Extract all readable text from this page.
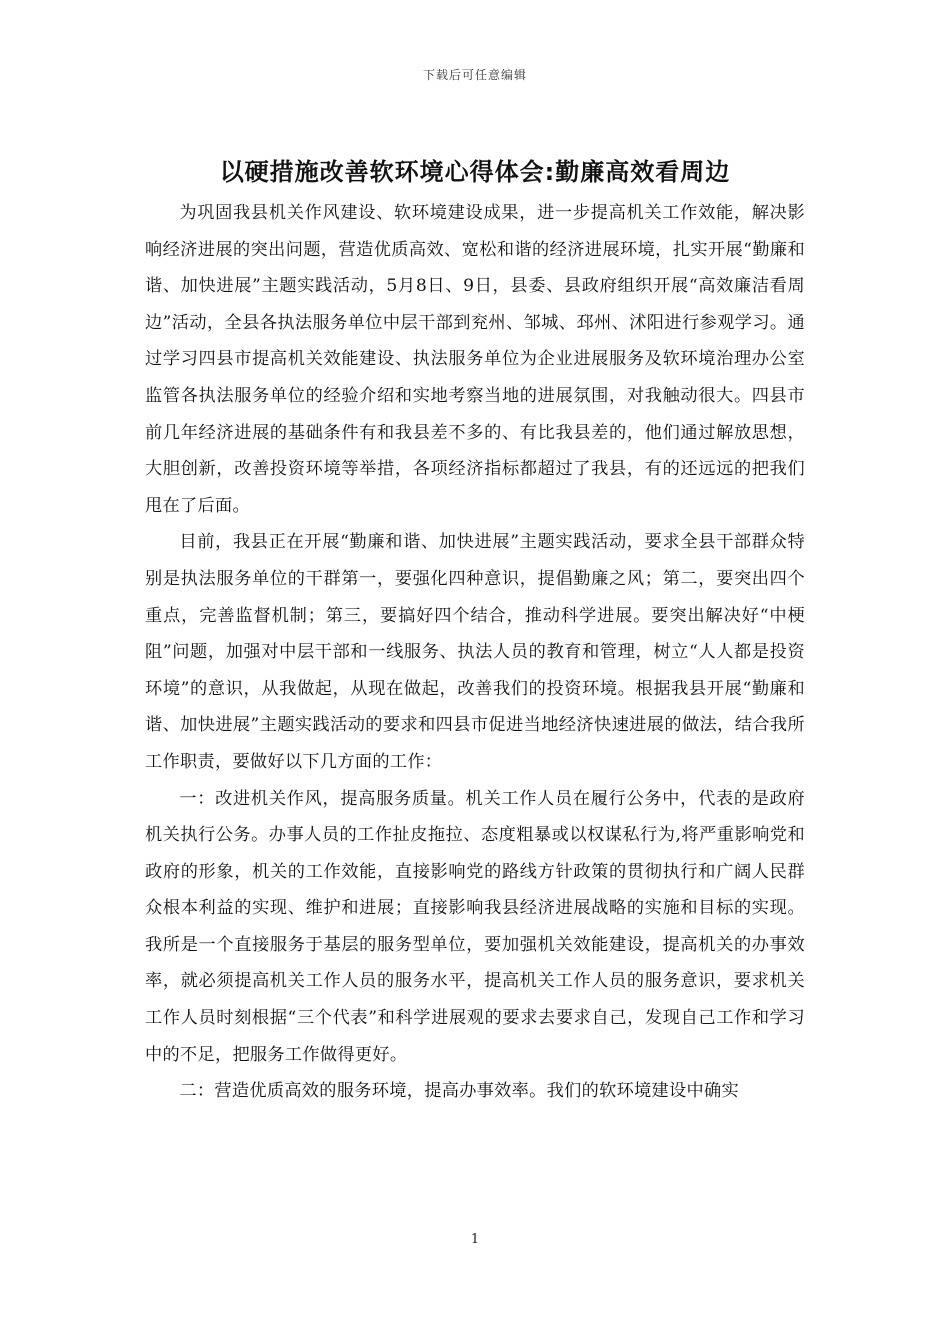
下载后可任意编辑
以硬措施改善软环境心得体会:勤廉高效看周边

为巩固我县机关作风建设、软环境建设成果，进一步提高机关工作效能，解决影响经济进展的突出问题，营造优质高效、宽松和谐的经济进展环境，扎实开展“勤廉和谐、加快进展”主题实践活动，5月8日、9日，县委、县政府组织开展“高效廉洁看周边”活动，全县各执法服务单位中层干部到兖州、邹城、邳州、沭阳进行参观学习。通过学习四县市提高机关效能建设、执法服务单位为企业进展服务及软环境治理办公室监管各执法服务单位的经验介绍和实地考察当地的进展氛围，对我触动很大。四县市前几年经济进展的基础条件有和我县差不多的、有比我县差的，他们通过解放思想，大胆创新，改善投资环境等举措，各项经济指标都超过了我县，有的还远远的把我们甩在了后面。

目前，我县正在开展“勤廉和谐、加快进展”主题实践活动，要求全县干部群众特别是执法服务单位的干群第一，要强化四种意识，提倡勤廉之风；第二，要突出四个重点，完善监督机制；第三，要搞好四个结合，推动科学进展。要突出解决好“中梗阻”问题，加强对中层干部和一线服务、执法人员的教育和管理，树立“人人都是投资环境”的意识，从我做起，从现在做起，改善我们的投资环境。根据我县开展“勤廉和谐、加快进展”主题实践活动的要求和四县市促进当地经济快速进展的做法，结合我所工作职责，要做好以下几方面的工作：

一：改进机关作风，提高服务质量。机关工作人员在履行公务中，代表的是政府机关执行公务。办事人员的工作扯皮拖拉、态度粗暴或以权谋私行为,将严重影响党和政府的形象，机关的工作效能，直接影响党的路线方针政策的贯彻执行和广阔人民群众根本利益的实现、维护和进展；直接影响我县经济进展战略的实施和目标的实现。我所是一个直接服务于基层的服务型单位，要加强机关效能建设，提高机关的办事效率，就必须提高机关工作人员的服务水平，提高机关工作人员的服务意识，要求机关工作人员时刻根据“三个代表”和科学进展观的要求去要求自己，发现自己工作和学习中的不足，把服务工作做得更好。

二：营造优质高效的服务环境，提高办事效率。我们的软环境建设中确实

1
